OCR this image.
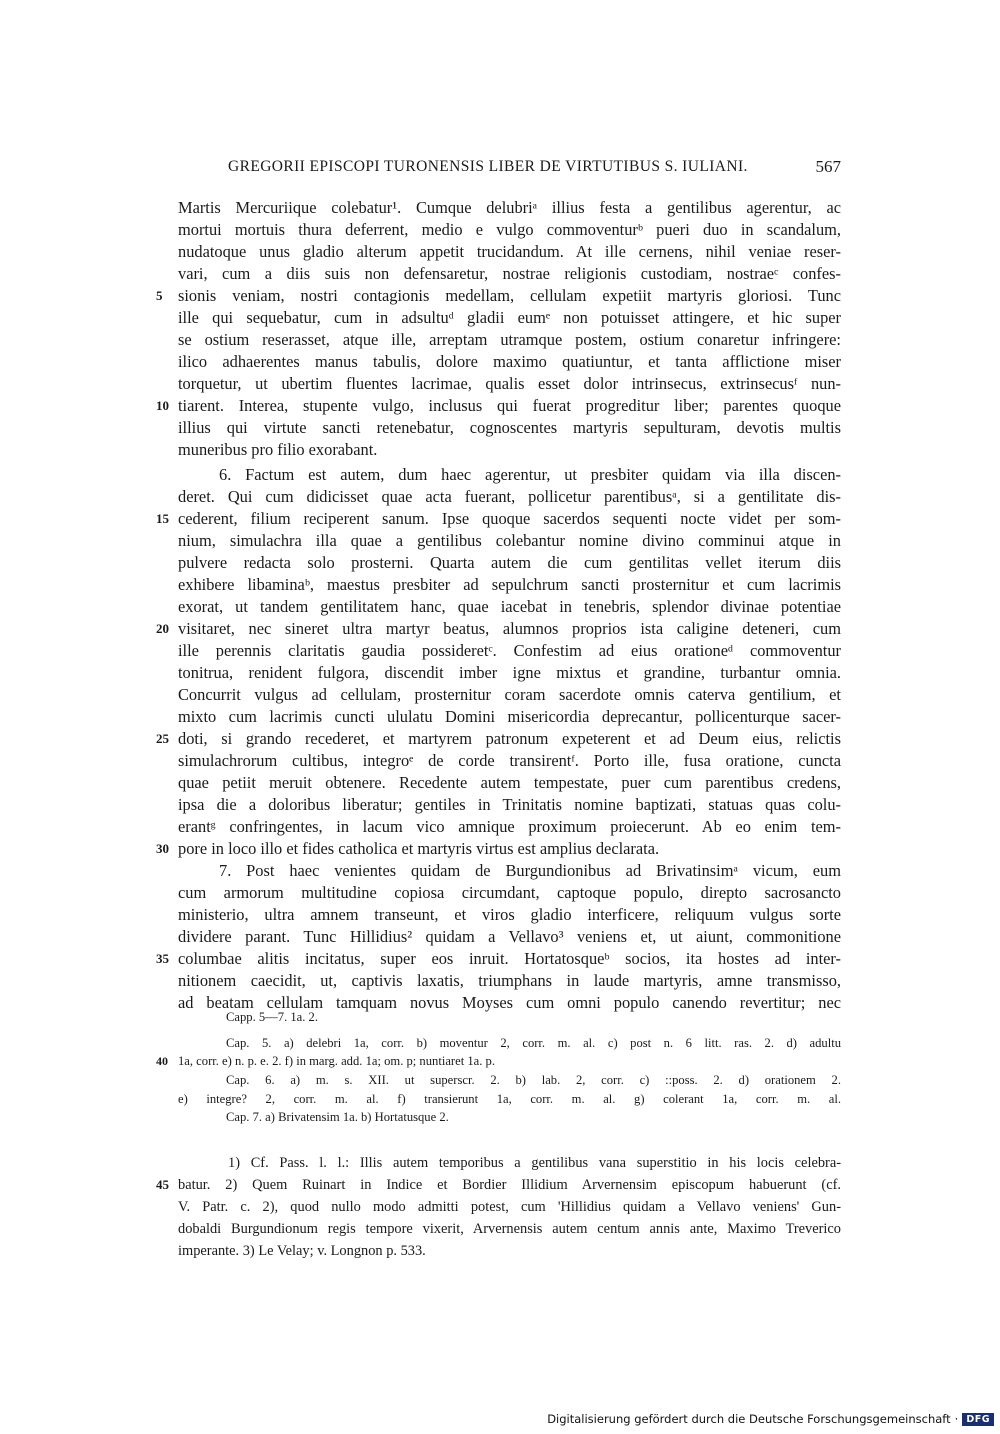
GREGORII EPISCOPI TURONENSIS LIBER DE VIRTUTIBUS S. IULIANI.	567
Martis Mercuriique colebatur¹. Cumque delubriᵃ illius festa a gentilibus agerentur, ac
mortui mortuis thura deferrent, medio e vulgo commoventurᵇ pueri duo in scandalum,
nudatoque unus gladio alterum appetit trucidandum. At ille cernens, nihil veniae reser-
vari, cum a diis suis non defensaretur, nostrae religionis custodiam, nostraeᶜ confes-
5 sionis veniam, nostri contagionis medellam, cellulam expetiit martyris gloriosi. Tunc
ille qui sequebatur, cum in adsultuᵈ gladii eumᵉ non potuisset attingere, et hic super
se ostium reserasset, atque ille, arreptam utramque postem, ostium conaretur infringere:
ilico adhaerentes manus tabulis, dolore maximo quatiuntur, et tanta afflictione miser
torquetur, ut ubertim fluentes lacrimae, qualis esset dolor intrinsecus, extrinsecusᶠ nun-
10 tiarent. Interea, stupente vulgo, inclusus qui fuerat progreditur liber; parentes quoque
illius qui virtute sancti retenebatur, cognoscentes martyris sepulturam, devotis multis
muneribus pro filio exorabant.
6. Factum est autem, dum haec agerentur, ut presbiter quidam via illa discen-
deret. Qui cum didicisset quae acta fuerant, pollicetur parentibusᵃ, si a gentilitate dis-
15 cederent, filium reciperent sanum. Ipse quoque sacerdos sequenti nocte videt per som-
nium, simulachra illa quae a gentilibus colebantur nomine divino comminui atque in
pulvere redacta solo prosterni. Quarta autem die cum gentilitas vellet iterum diis
exhibere libaminaᵇ, maestus presbiter ad sepulchrum sancti prosternitur et cum lacrimis
exorat, ut tandem gentilitatem hanc, quae iacebat in tenebris, splendor divinae potentiae
20 visitaret, nec sineret ultra martyr beatus, alumnos proprios ista caligine deteneri, cum
ille perennis claritatis gaudia possideretᶜ. Confestim ad eius orationeᵈ commoventur
tonitrua, renident fulgora, discendit imber igne mixtus et grandine, turbantur omnia.
Concurrit vulgus ad cellulam, prosternitur coram sacerdote omnis caterva gentilium, et
mixto cum lacrimis cuncti ululatu Domini misericordia deprecantur, pollicenturque sacer-
25 doti, si grando recederet, et martyrem patronum expeterent et ad Deum eius, relictis
simulachrorum cultibus, integroᵉ de corde transirentᶠ. Porto ille, fusa oratione, cuncta
quae petiit meruit obtenere. Recedente autem tempestate, puer cum parentibus credens,
ipsa die a doloribus liberatur; gentiles in Trinitatis nomine baptizati, statuas quas colu-
erantᵍ confringentes, in lacum vico amnique proximum proiecerunt. Ab eo enim tem-
30 pore in loco illo et fides catholica et martyris virtus est amplius declarata.
7. Post haec venientes quidam de Burgundionibus ad Brivatinsimᵃ vicum, eum
cum armorum multitudine copiosa circumdant, captoque populo, direpto sacrosancto
ministerio, ultra amnem transeunt, et viros gladio interficere, reliquum vulgus sorte
dividere parant. Tunc Hillidius² quidam a Vellavo³ veniens et, ut aiunt, commonitione
35 columbae alitis incitatus, super eos inruit. Hortatosqueᵇ socios, ita hostes ad inter-
nitionem caecidit, ut, captivis laxatis, triumphans in laude martyris, amne transmisso,
ad beatam cellulam tamquam novus Moyses cum omni populo canendo revertitur; nec
Capp. 5—7. 1a. 2.
Cap. 5. a) delebri 1a, corr. b) moventur 2, corr. m. al. c) post n. 6 litt. ras. 2. d) adultu
40 1a, corr. e) n. p. e. 2. f) in marg. add. 1a; om. p; nuntiaret 1a. p.
Cap. 6. a) m. s. XII. ut superscr. 2. b) lab. 2, corr. c) ::poss. 2. d) orationem 2.
e) integre? 2, corr. m. al. f) transierunt 1a, corr. m. al. g) colerant 1a, corr. m. al.
Cap. 7. a) Brivatensim 1a. b) Hortatusque 2.
1) Cf. Pass. l. l.: Illis autem temporibus a gentilibus vana superstitio in his locis celebra-
45 batur. 2) Quem Ruinart in Indice et Bordier Illidium Arvernensim episcopum habuerunt (cf.
V. Patr. c. 2), quod nullo modo admitti potest, cum 'Hillidius quidam a Vellavo veniens' Gun-
dobaldi Burgundionum regis tempore vixerit, Arvernensis autem centum annis ante, Maximo Treverico
imperante. 3) Le Velay; v. Longnon p. 533.
Digitalisierung gefördert durch die Deutsche Forschungsgemeinschaft · DFG
